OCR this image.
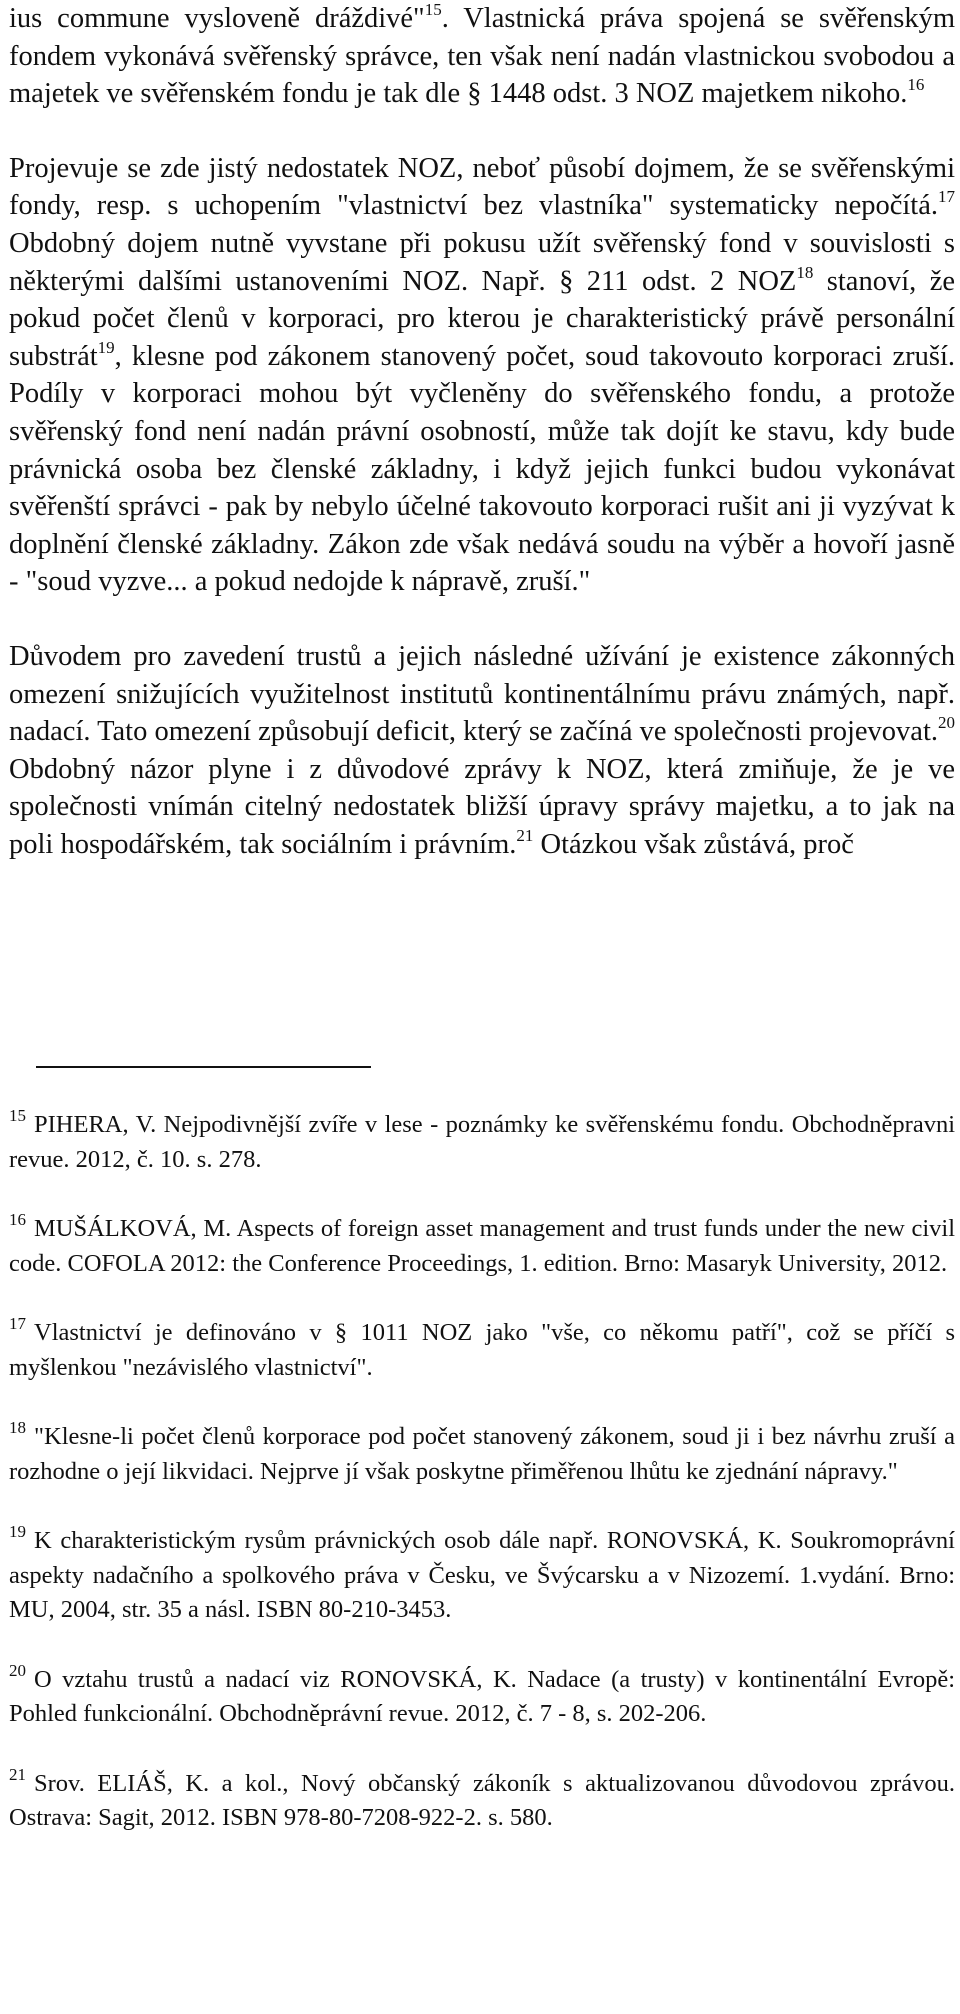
ius commune vysloveně dráždivé"$^{15}$. Vlastnická práva spojená se svěřenským fondem vykonává svěřenský správce, ten však není nadán vlastnickou svobodou a majetek ve svěřenském fondu je tak dle § 1448 odst. 3 NOZ majetkem nikoho.$^{16}$

Projevuje se zde jistý nedostatek NOZ, neboť působí dojmem, že se svěřenskými fondy, resp. s uchopením "vlastnictví bez vlastníka" systematicky nepočítá.$^{17}$ Obdobný dojem nutně vyvstane při pokusu užít svěřenský fond v souvislosti s některými dalšími ustanoveními NOZ. Např. § 211 odst. 2 NOZ$^{18}$ stanoví, že pokud počet členů v korporaci, pro kterou je charakteristický právě personální substrát$^{19}$, klesne pod zákonem stanovený počet, soud takovouto korporaci zruší. Podíly v korporaci mohou být vyčleněny do svěřenského fondu, a protože svěřenský fond není nadán právní osobností, může tak dojít ke stavu, kdy bude právnická osoba bez členské základny, i když jejich funkci budou vykonávat svěřenští správci - pak by nebylo účelné takovouto korporaci rušit ani ji vyzývat k doplnění členské základny. Zákon zde však nedává soudu na výběr a hovoří jasně - "soud vyzve... a pokud nedojde k nápravě, zruší."

Důvodem pro zavedení trustů a jejich následné užívání je existence zákonných omezení snižujících využitelnost institutů kontinentálnímu právu známých, např. nadací. Tato omezení způsobují deficit, který se začíná ve společnosti projevovat.$^{20}$ Obdobný názor plyne i z důvodové zprávy k NOZ, která zmiňuje, že je ve společnosti vnímán citelný nedostatek bližší úpravy správy majetku, a to jak na poli hospodářském, tak sociálním i právním.$^{21}$ Otázkou však zůstává, proč

$^{15}$ PIHERA, V. Nejpodivnější zvíře v lese - poznámky ke svěřenskému fondu. Obchodněpravni revue. 2012, č. 10. s. 278.

$^{16}$ MUŠÁLKOVÁ, M. Aspects of foreign asset management and trust funds under the new civil code. COFOLA 2012: the Conference Proceedings, 1. edition. Brno: Masaryk University, 2012.

$^{17}$ Vlastnictví je definováno v § 1011 NOZ jako "vše, co někomu patří", což se příčí s myšlenkou "nezávislého vlastnictví".

$^{18}$ "Klesne-li počet členů korporace pod počet stanovený zákonem, soud ji i bez návrhu zruší a rozhodne o její likvidaci. Nejprve jí však poskytne přiměřenou lhůtu ke zjednání nápravy."

$^{19}$ K charakteristickým rysům právnických osob dále např. RONOVSKÁ, K. Soukromoprávní aspekty nadačního a spolkového práva v Česku, ve Švýcarsku a v Nizozemí. 1.vydání. Brno: MU, 2004, str. 35 a násl. ISBN 80-210-3453.

$^{20}$ O vztahu trustů a nadací viz RONOVSKÁ, K. Nadace (a trusty) v kontinentální Evropě: Pohled funkcionální. Obchodněprávní revue. 2012, č. 7 - 8, s. 202-206.

$^{21}$ Srov. ELIÁŠ, K. a kol., Nový občanský zákoník s aktualizovanou důvodovou zprávou. Ostrava: Sagit, 2012. ISBN 978-80-7208-922-2. s. 580.
